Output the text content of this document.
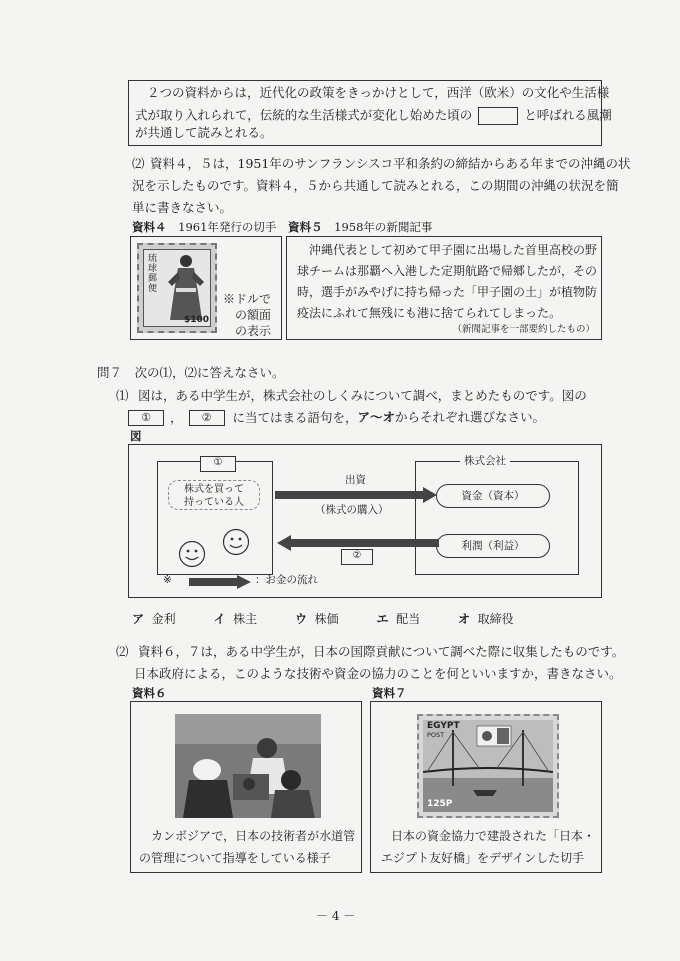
２つの資料からは，近代化の政策をきっかけとして，西洋（欧米）の文化や生活様
式が取り入れられて，伝統的な生活様式が変化し始めた頃の	と呼ばれる風潮
が共通して読みとれる。
⑵ 資料４，５は，1951年のサンフランシスコ平和条約の締結からある年までの沖縄の状
況を示したものです。資料４，５から共通して読みとれる，この期間の沖縄の状況を簡
単に書きなさい。
資料４ 1961年発行の切手
琉球郵便
$100
※ドルで
の額面
の表示
資料５ 1958年の新聞記事
沖縄代表として初めて甲子園に出場した首里高校の野
球チームは那覇へ入港した定期航路で帰郷したが，その
時，選手がみやげに持ち帰った「甲子園の土」が植物防
疫法にふれて無残にも港に捨てられてしまった。
（新聞記事を一部要約したもの）
問７　次の⑴，⑵に答えなさい。
⑴ 図は，ある中学生が，株式会社のしくみについて調べ，まとめたものです。図の
① ， ② に当てはまる語句を，ア～オからそれぞれ選びなさい。
図
①
株式を買って
持っている人
株式会社
資金（資本）
利潤（利益）
出資
（株式の購入）
②
※	：お金の流れ
ア 金利	イ 株主	ウ 株価	エ 配当	オ 取締役
⑵ 資料６，７は，ある中学生が，日本の国際貢献について調べた際に収集したものです。
日本政府による，このような技術や資金の協力のことを何といいますか，書きなさい。
資料６
カンボジアで，日本の技術者が水道管
の管理について指導をしている様子
資料７
EGYPT
POST
125P
日本の資金協力で建設された「日本・
エジプト友好橋」をデザインした切手
－ 4 －
